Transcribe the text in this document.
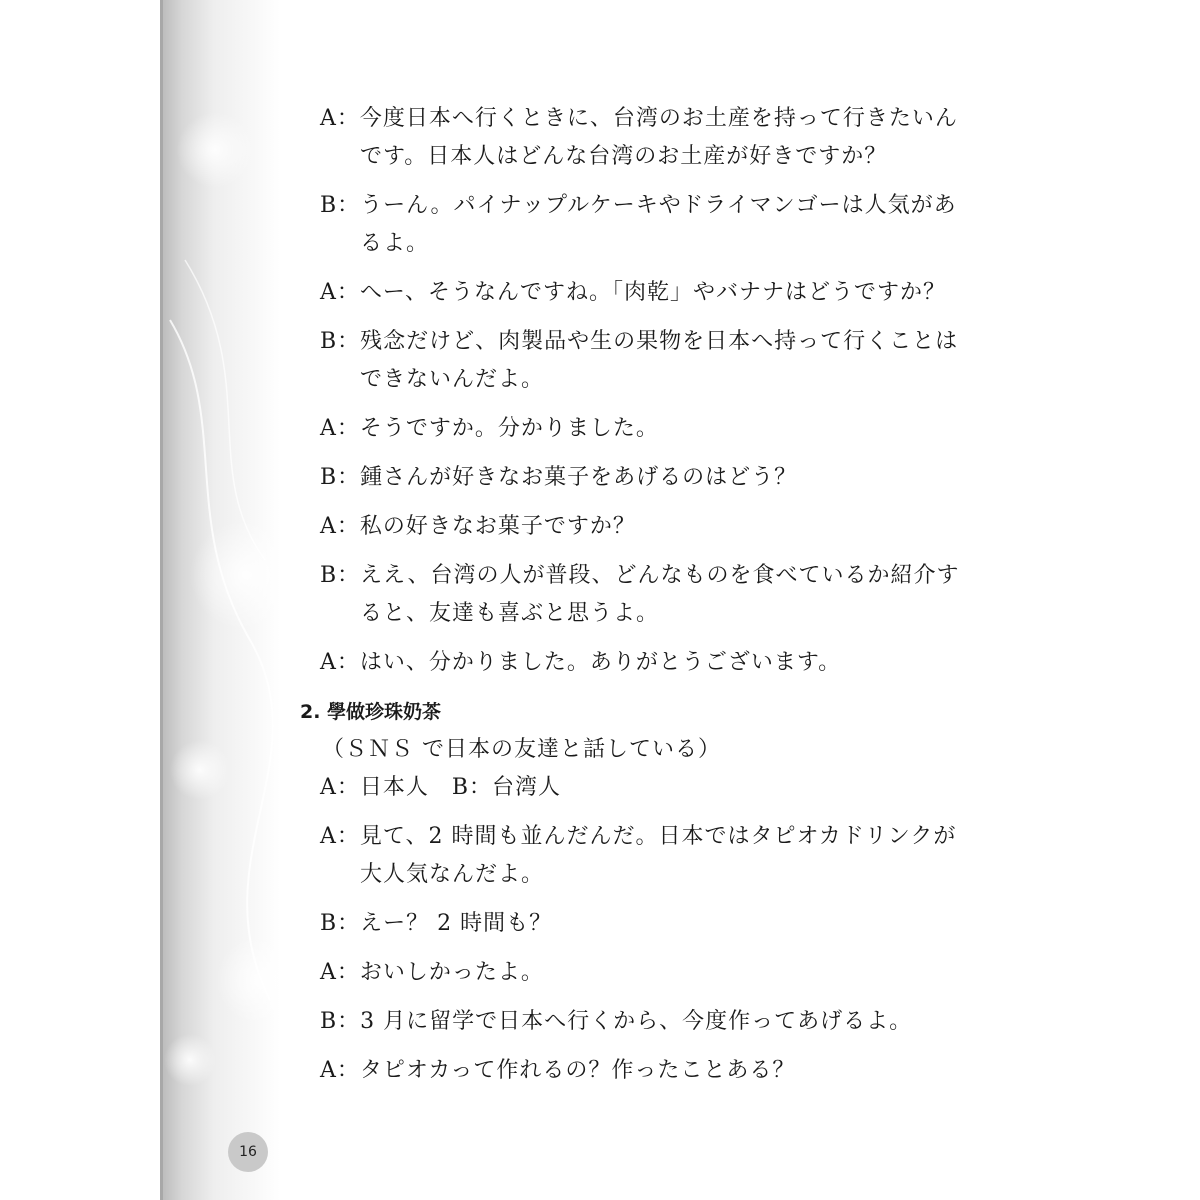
A：今度日本へ行くときに、台湾のお土産を持って行きたいん
です。日本人はどんな台湾のお土産が好きですか？
B：うーん。パイナップルケーキやドライマンゴーは人気があ
るよ。
A：へー、そうなんですね。「肉乾」やバナナはどうですか？
B：残念だけど、肉製品や生の果物を日本へ持って行くことは
できないんだよ。
A：そうですか。分かりました。
B：鍾さんが好きなお菓子をあげるのはどう？
A：私の好きなお菓子ですか？
B：ええ、台湾の人が普段、どんなものを食べているか紹介す
ると、友達も喜ぶと思うよ。
A：はい、分かりました。ありがとうございます。
2. 學做珍珠奶茶
（ＳＮＳ で日本の友達と話している）
A：日本人　B：台湾人
A：見て、2 時間も並んだんだ。日本ではタピオカドリンクが
大人気なんだよ。
B：えー？ 2 時間も？
A：おいしかったよ。
B：3 月に留学で日本へ行くから、今度作ってあげるよ。
A：タピオカって作れるの？作ったことある？
16
